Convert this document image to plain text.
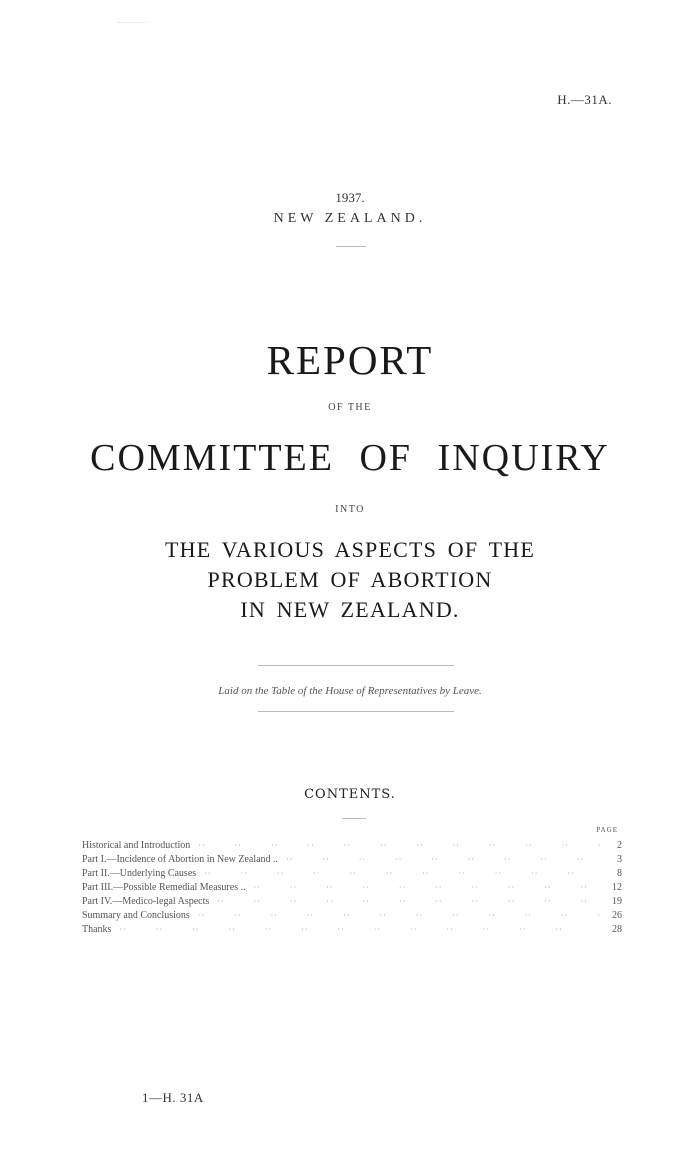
H.—31A.
1937.
NEW ZEALAND.
REPORT
OF THE
COMMITTEE OF INQUIRY
INTO
THE VARIOUS ASPECTS OF THE
PROBLEM OF ABORTION
IN NEW ZEALAND.
Laid on the Table of the House of Representatives by Leave.
CONTENTS.
PAGE
Historical and Introduction ·· ·	2
Part I.—Incidence of Abortion in New Zealand .. ·· ·	3
Part II.—Underlying Causes ·· ·	8
Part III.—Possible Remedial Measures .. ·· ·	12
Part IV.—Medico-legal Aspects ·· ·	19
Summary and Conclusions ·· ·	26
Thanks ·· ·	28
1—H. 31A
